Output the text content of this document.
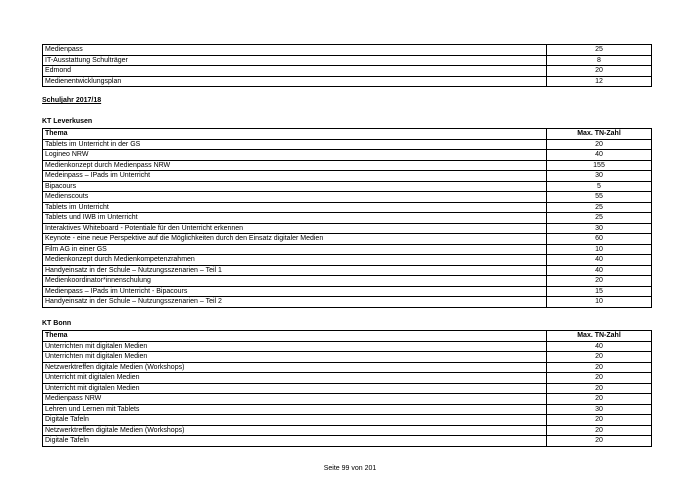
Medienpass	25
IT-Ausstattung Schulträger	8
Edmond	20
Medienentwicklungsplan	12
Schuljahr 2017/18
KT Leverkusen
Thema	Max. TN-Zahl
Tablets im Unterricht in der GS	20
Logineo NRW	40
Medienkonzept durch Medienpass NRW	155
Medeinpass – IPads im Unterricht	30
Bipacours	5
Medienscouts	55
Tablets im Unterricht	25
Tablets und IWB im Unterricht	25
Interaktives Whiteboard - Potentiale für den Unterricht erkennen	30
Keynote - eine neue Perspektive auf die Möglichkeiten durch den Einsatz digitaler Medien	60
Film AG in einer GS	10
Medienkonzept durch Medienkompetenzrahmen	40
Handyeinsatz in der Schule – Nutzungsszenarien – Teil 1	40
Medienkoordinator*innenschulung	20
Medienpass – IPads im Unterricht - Bipacours	15
Handyeinsatz in der Schule – Nutzungsszenarien – Teil 2	10
KT Bonn
Thema	Max. TN-Zahl
Unterrichten mit digitalen Medien	40
Unterrichten mit digitalen Medien	20
Netzwerktreffen digitale Medien (Workshops)	20
Unterricht mit digitalen Medien	20
Unterricht mit digitalen Medien	20
Medienpass NRW	20
Lehren und Lernen mit Tablets	30
Digitale Tafeln	20
Netzwerktreffen digitale Medien (Workshops)	20
Digitale Tafeln	20
Seite 99 von 201
